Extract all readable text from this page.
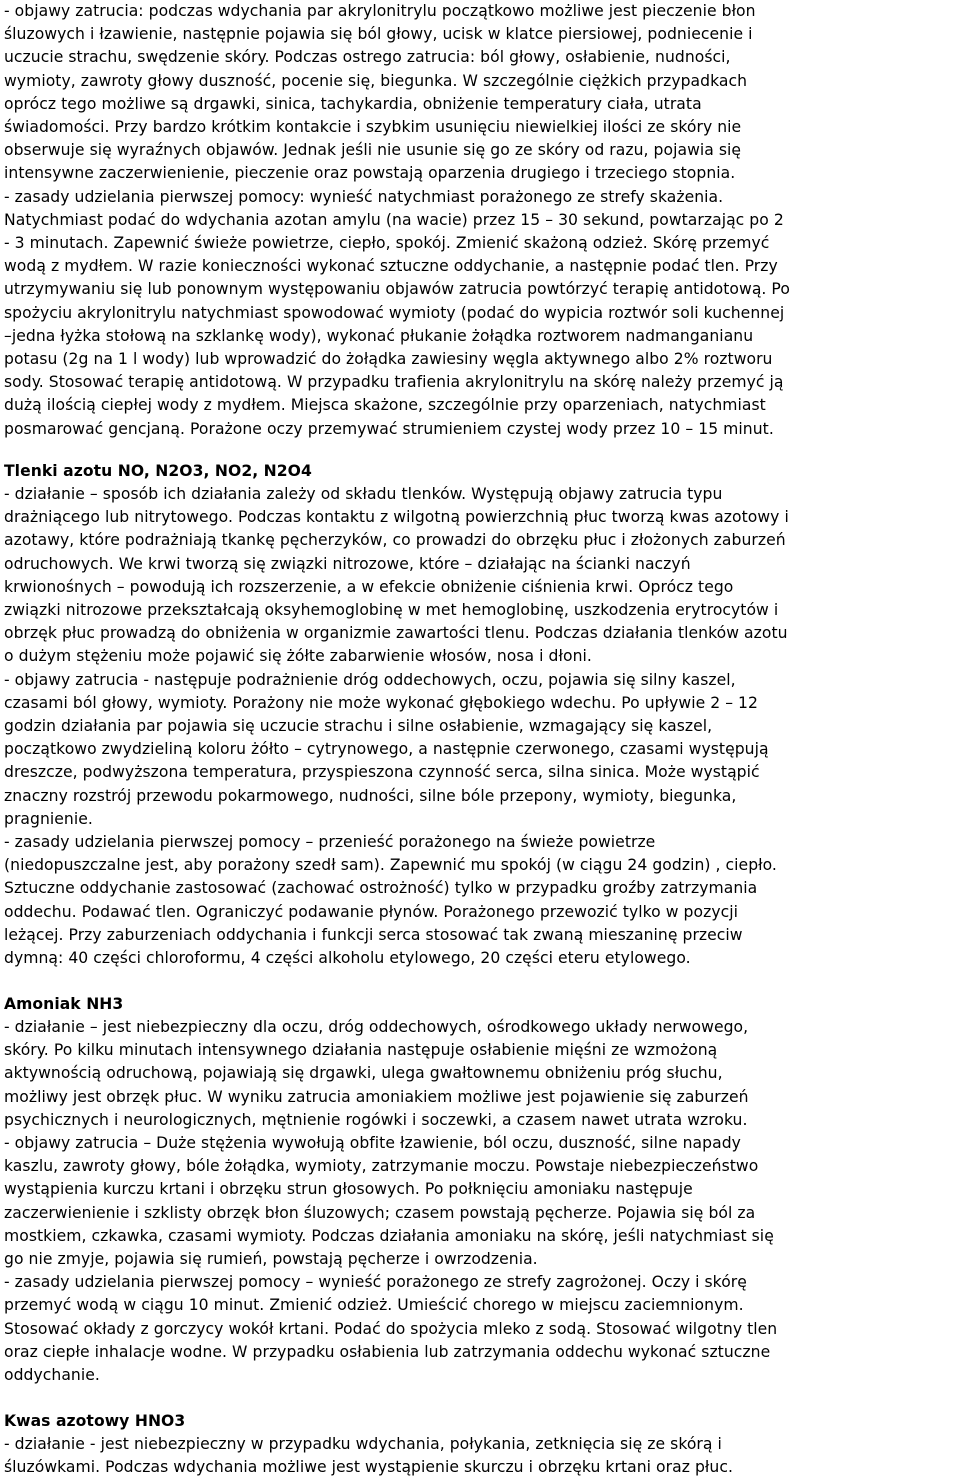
- objawy zatrucia: podczas wdychania par akrylonitrylu początkowo możliwe jest pieczenie błon
śluzowych i łzawienie, następnie pojawia się ból głowy, ucisk w klatce piersiowej, podniecenie i
uczucie strachu, swędzenie skóry. Podczas ostrego zatrucia: ból głowy, osłabienie, nudności,
wymioty, zawroty głowy duszność, pocenie się, biegunka. W szczególnie ciężkich przypadkach
oprócz tego możliwe są drgawki, sinica, tachykardia, obniżenie temperatury ciała, utrata
świadomości. Przy bardzo krótkim kontakcie i szybkim usunięciu niewielkiej ilości ze skóry nie
obserwuje się wyraźnych objawów. Jednak jeśli nie usunie się go ze skóry od razu, pojawia się
intensywne zaczerwienienie, pieczenie oraz powstają oparzenia drugiego i trzeciego stopnia.
- zasady udzielania pierwszej pomocy: wynieść natychmiast porażonego ze strefy skażenia.
Natychmiast podać do wdychania azotan amylu (na wacie) przez 15 – 30 sekund, powtarzając po 2
- 3 minutach. Zapewnić świeże powietrze, ciepło, spokój. Zmienić skażoną odzież. Skórę przemyć
wodą z mydłem. W razie konieczności wykonać sztuczne oddychanie, a następnie podać tlen. Przy
utrzymywaniu się lub ponownym występowaniu objawów zatrucia powtórzyć terapię antidotową. Po
spożyciu akrylonitrylu natychmiast spowodować wymioty (podać do wypicia roztwór soli kuchennej
–jedna łyżka stołową na szklankę wody), wykonać płukanie żołądka roztworem nadmanganianu
potasu (2g na 1 l wody) lub wprowadzić do żołądka zawiesiny węgla aktywnego albo 2% roztworu
sody. Stosować terapię antidotową. W przypadku trafienia akrylonitrylu na skórę należy przemyć ją
dużą ilością ciepłej wody z mydłem. Miejsca skażone, szczególnie przy oparzeniach, natychmiast
posmarować gencjaną. Porażone oczy przemywać strumieniem czystej wody przez 10 – 15 minut.
Tlenki azotu NO, N2O3, NO2, N2O4
- działanie – sposób ich działania zależy od składu tlenków. Występują objawy zatrucia typu
drażniącego lub nitrytowego. Podczas kontaktu z wilgotną powierzchnią płuc tworzą kwas azotowy i
azotawy, które podrażniają tkankę pęcherzyków, co prowadzi do obrzęku płuc i złożonych zaburzeń
odruchowych. We krwi tworzą się związki nitrozowe, które – działając na ścianki naczyń
krwionośnych – powodują ich rozszerzenie, a w efekcie obniżenie ciśnienia krwi. Oprócz tego
związki nitrozowe przekształcają oksyhemoglobinę w met hemoglobinę, uszkodzenia erytrocytów i
obrzęk płuc prowadzą do obniżenia w organizmie zawartości tlenu. Podczas działania tlenków azotu
o dużym stężeniu może pojawić się żółte zabarwienie włosów, nosa i dłoni.
- objawy zatrucia - następuje podrażnienie dróg oddechowych, oczu, pojawia się silny kaszel,
czasami ból głowy, wymioty. Porażony nie może wykonać głębokiego wdechu. Po upływie 2 – 12
godzin działania par pojawia się uczucie strachu i silne osłabienie, wzmagający się kaszel,
początkowo zwydzieliną koloru żółto – cytrynowego, a następnie czerwonego, czasami występują
dreszcze, podwyższona temperatura, przyspieszona czynność serca, silna sinica. Może wystąpić
znaczny rozstrój przewodu pokarmowego, nudności, silne bóle przepony, wymioty, biegunka,
pragnienie.
- zasady udzielania pierwszej pomocy – przenieść porażonego na świeże powietrze
(niedopuszczalne jest, aby porażony szedł sam). Zapewnić mu spokój (w ciągu 24 godzin) , ciepło.
Sztuczne oddychanie zastosować (zachować ostrożność) tylko w przypadku groźby zatrzymania
oddechu. Podawać tlen. Ograniczyć podawanie płynów. Porażonego przewozić tylko w pozycji
leżącej. Przy zaburzeniach oddychania i funkcji serca stosować tak zwaną mieszaninę przeciw
dymną: 40 części chloroformu, 4 części alkoholu etylowego, 20 części eteru etylowego.
Amoniak NH3
- działanie – jest niebezpieczny dla oczu, dróg oddechowych, ośrodkowego układy nerwowego,
skóry. Po kilku minutach intensywnego działania następuje osłabienie mięśni ze wzmożoną
aktywnością odruchową, pojawiają się drgawki, ulega gwałtownemu obniżeniu próg słuchu,
możliwy jest obrzęk płuc. W wyniku zatrucia amoniakiem możliwe jest pojawienie się zaburzeń
psychicznych i neurologicznych, mętnienie rogówki i soczewki, a czasem nawet utrata wzroku.
- objawy zatrucia – Duże stężenia wywołują obfite łzawienie, ból oczu, duszność, silne napady
kaszlu, zawroty głowy, bóle żołądka, wymioty, zatrzymanie moczu. Powstaje niebezpieczeństwo
wystąpienia kurczu krtani i obrzęku strun głosowych. Po połknięciu amoniaku następuje
zaczerwienienie i szklisty obrzęk błon śluzowych; czasem powstają pęcherze. Pojawia się ból za
mostkiem, czkawka, czasami wymioty. Podczas działania amoniaku na skórę, jeśli natychmiast się
go nie zmyje, pojawia się rumień, powstają pęcherze i owrzodzenia.
- zasady udzielania pierwszej pomocy – wynieść porażonego ze strefy zagrożonej. Oczy i skórę
przemyć wodą w ciągu 10 minut. Zmienić odzież. Umieścić chorego w miejscu zaciemnionym.
Stosować okłady z gorczycy wokół krtani. Podać do spożycia mleko z sodą. Stosować wilgotny tlen
oraz ciepłe inhalacje wodne. W przypadku osłabienia lub zatrzymania oddechu wykonać sztuczne
oddychanie.
Kwas azotowy HNO3
- działanie - jest niebezpieczny w przypadku wdychania, połykania, zetknięcia się ze skórą i
śluzówkami. Podczas wdychania możliwe jest wystąpienie skurczu i obrzęku krtani oraz płuc.
